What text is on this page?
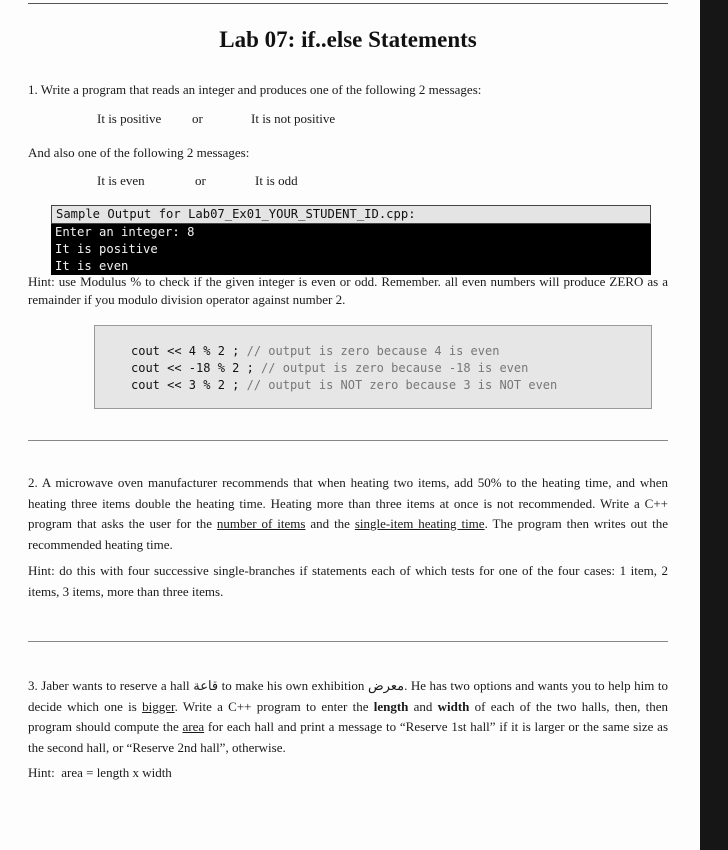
Lab 07: if..else Statements
1. Write a program that reads an integer and produces one of the following 2 messages:
It is positive or	It is not positive
And also one of the following 2 messages:
It is even	or	It is odd
Sample Output for Lab07_Ex01_YOUR_STUDENT_ID.cpp:
Enter an integer: 8
It is positive
It is even
Hint: use Modulus % to check if the given integer is even or odd. Remember. all even numbers will produce ZERO as a remainder if you modulo division operator against number 2.
cout << 4 % 2 ; // output is zero because 4 is even
cout << -18 % 2 ; // output is zero because -18 is even
cout << 3 % 2 ; // output is NOT zero because 3 is NOT even
2. A microwave oven manufacturer recommends that when heating two items, add 50% to the heating time, and when heating three items double the heating time. Heating more than three items at once is not recommended. Write a C++ program that asks the user for the number of items and the single-item heating time. The program then writes out the recommended heating time.
Hint: do this with four successive single-branches if statements each of which tests for one of the four cases: 1 item, 2 items, 3 items, more than three items.
3. Jaber wants to reserve a hall قاعة to make his own exhibition معرض. He has two options and wants you to help him to decide which one is bigger. Write a C++ program to enter the length and width of each of the two halls, then, then program should compute the area for each hall and print a message to “Reserve 1st hall” if it is larger or the same size as the second hall, or “Reserve 2nd hall”, otherwise.
Hint:  area = length x width
